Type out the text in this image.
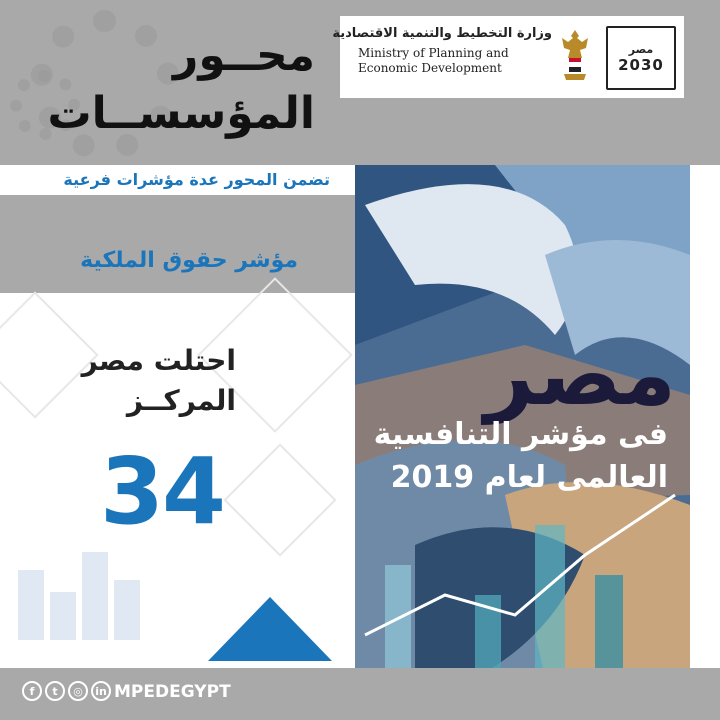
محــور
المؤسســات
وزارة التخطيط والتنمية الاقتصادية
Ministry of Planning and Economic Development
مصر
2030
تضمن المحور عدة مؤشرات فرعية
مؤشر حقوق الملكية
احتلت مصر
المركــز
34
مصر
فى مؤشر التنافسية
العالمى لعام 2019
f	t	◎	in MPEDEGYPT
